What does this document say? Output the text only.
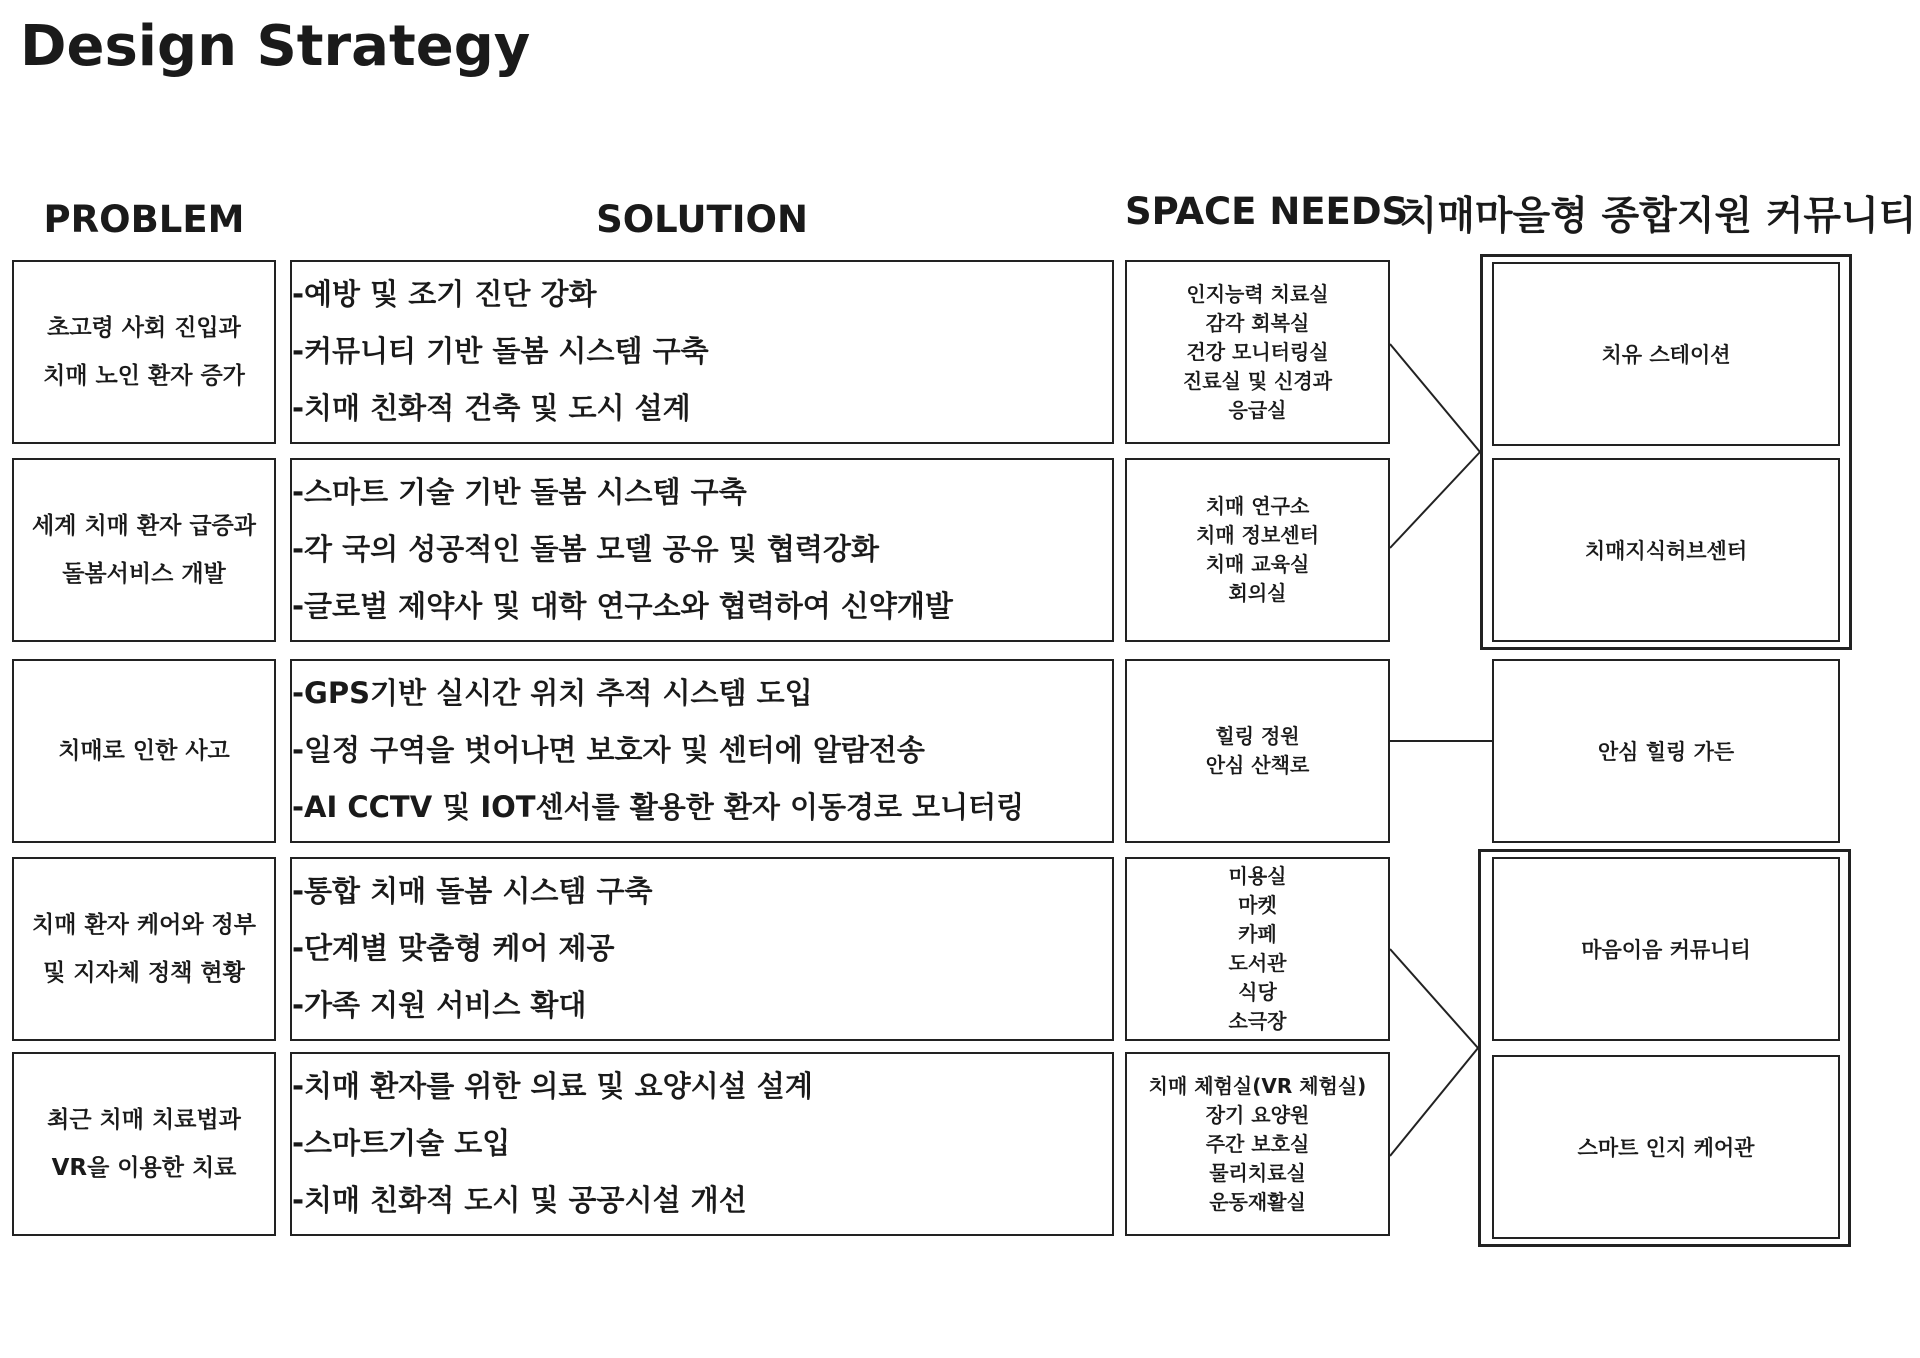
Design Strategy
PROBLEM	SOLUTION	SPACE NEEDS
치매마을형 종합지원 커뮤니티
초고령 사회 진입과
치매 노인 환자 증가
-예방 및 조기 진단 강화
-커뮤니티 기반 돌봄 시스템 구축
-치매 친화적 건축 및 도시 설계
인지능력 치료실
감각 회복실
건강 모니터링실
진료실 및 신경과
응급실
세계 치매 환자 급증과
돌봄서비스 개발
-스마트 기술 기반 돌봄 시스템 구축
-각 국의 성공적인 돌봄 모델 공유 및 협력강화
-글로벌 제약사 및 대학 연구소와 협력하여 신약개발
치매 연구소
치매 정보센터
치매 교육실
회의실
치매로 인한 사고
-GPS기반 실시간 위치 추적 시스템 도입
-일정 구역을 벗어나면 보호자 및 센터에 알람전송
-AI CCTV 및 IOT센서를 활용한 환자 이동경로 모니터링
힐링 정원
안심 산책로
치매 환자 케어와 정부
및 지자체 정책 현황
-통합 치매 돌봄 시스템 구축
-단계별 맞춤형 케어 제공
-가족 지원 서비스 확대
미용실
마켓
카페
도서관
식당
소극장
최근 치매 치료법과
VR을 이용한 치료
-치매 환자를 위한 의료 및 요양시설 설계
-스마트기술 도입
-치매 친화적 도시 및 공공시설 개선
치매 체험실(VR 체험실)
장기 요양원
주간 보호실
물리치료실
운동재활실
치유 스테이션
치매지식허브센터
안심 힐링 가든
마음이음 커뮤니티
스마트 인지 케어관
